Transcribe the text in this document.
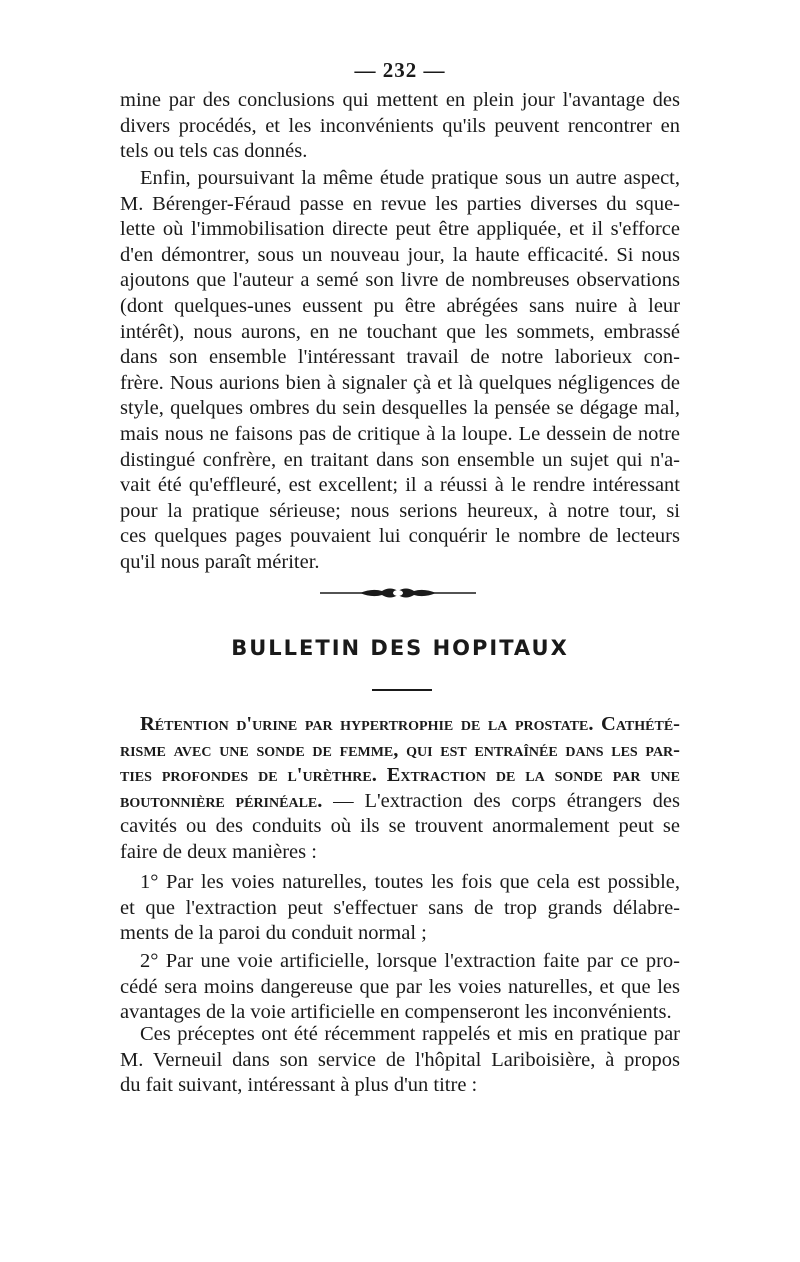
— 232 —
mine par des conclusions qui mettent en plein jour l'avantage des
divers procédés, et les inconvénients qu'ils peuvent rencontrer en
tels ou tels cas donnés.
Enfin, poursuivant la même étude pratique sous un autre aspect,
M. Bérenger-Féraud passe en revue les parties diverses du sque-
lette où l'immobilisation directe peut être appliquée, et il s'efforce
d'en démontrer, sous un nouveau jour, la haute efficacité. Si nous
ajoutons que l'auteur a semé son livre de nombreuses observations
(dont quelques-unes eussent pu être abrégées sans nuire à leur
intérêt), nous aurons, en ne touchant que les sommets, embrassé
dans son ensemble l'intéressant travail de notre laborieux con-
frère. Nous aurions bien à signaler çà et là quelques négligences de
style, quelques ombres du sein desquelles la pensée se dégage mal,
mais nous ne faisons pas de critique à la loupe. Le dessein de notre
distingué confrère, en traitant dans son ensemble un sujet qui n'a-
vait été qu'effleuré, est excellent; il a réussi à le rendre intéressant
pour la pratique sérieuse; nous serions heureux, à notre tour, si
ces quelques pages pouvaient lui conquérir le nombre de lecteurs
qu'il nous paraît mériter.
BULLETIN DES HOPITAUX
Rétention d'urine par hypertrophie de la prostate. Cathété-
risme avec une sonde de femme, qui est entraînée dans les par-
ties profondes de l'urèthre. Extraction de la sonde par une
boutonnière périnéale. — L'extraction des corps étrangers des
cavités ou des conduits où ils se trouvent anormalement peut se
faire de deux manières :
1° Par les voies naturelles, toutes les fois que cela est possible,
et que l'extraction peut s'effectuer sans de trop grands délabre-
ments de la paroi du conduit normal ;
2° Par une voie artificielle, lorsque l'extraction faite par ce pro-
cédé sera moins dangereuse que par les voies naturelles, et que les
avantages de la voie artificielle en compenseront les inconvénients.
Ces préceptes ont été récemment rappelés et mis en pratique par
M. Verneuil dans son service de l'hôpital Lariboisière, à propos
du fait suivant, intéressant à plus d'un titre :
